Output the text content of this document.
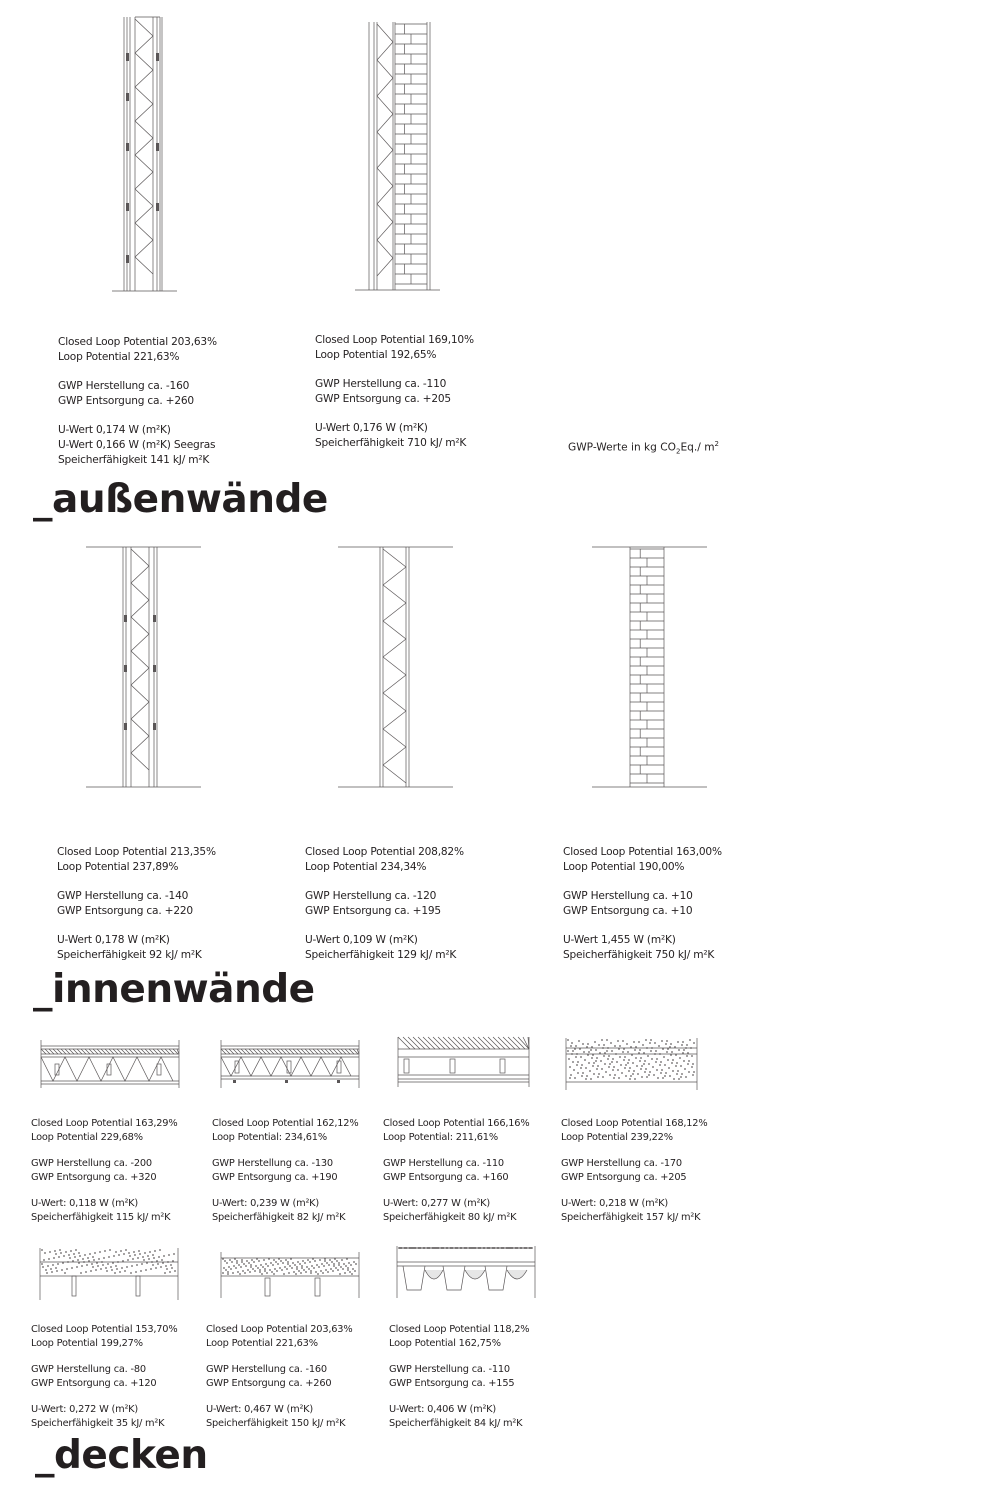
Closed Loop Potential 203,63%

Loop Potential 221,63%

GWP Herstellung ca. -160

GWP Entsorgung ca. +260

U-Wert 0,174 W (m²K)

U-Wert 0,166 W (m²K) Seegras

Speicherfähigkeit 141 kJ/ m²K

Closed Loop Potential 169,10%

Loop Potential 192,65%

GWP Herstellung ca. -110

GWP Entsorgung ca. +205

U-Wert 0,176 W (m²K)

Speicherfähigkeit 710 kJ/ m²K	GWP-Werte in kg $CO_2Eq./$ $m^2$
_außenwände

Closed Loop Potential 213,35%

Loop Potential 237,89%

GWP Herstellung ca. -140

GWP Entsorgung ca. +220

U-Wert 0,178 W (m²K)

Speicherfähigkeit 92 kJ/ m²K

Closed Loop Potential 208,82%

Loop Potential 234,34%

GWP Herstellung ca. -120

GWP Entsorgung ca. +195

U-Wert 0,109 W (m²K)

Speicherfähigkeit 129 kJ/ m²K

Closed Loop Potential 163,00%

Loop Potential 190,00%

GWP Herstellung ca. +10

GWP Entsorgung ca. +10

U-Wert 1,455 W (m²K)

Speicherfähigkeit 750 kJ/ m²K

_innenwände

Closed Loop Potential 163,29%

Loop Potential 229,68%

GWP Herstellung ca. -200

GWP Entsorgung ca. +320

U-Wert: 0,118 W (m²K)

Speicherfähigkeit 115 kJ/ m²K

Closed Loop Potential 162,12%

Loop Potential: 234,61%

GWP Herstellung ca. -130

GWP Entsorgung ca. +190

U-Wert: 0,239 W (m²K)

Speicherfähigkeit 82 kJ/ m²K

Closed Loop Potential 166,16%

Loop Potential: 211,61%

GWP Herstellung ca. -110

GWP Entsorgung ca. +160

U-Wert: 0,277 W (m²K)

Speicherfähigkeit 80 kJ/ m²K

Closed Loop Potential 168,12%

Loop Potential 239,22%

GWP Herstellung ca. -170

GWP Entsorgung ca. +205

U-Wert: 0,218 W (m²K)

Speicherfähigkeit 157 kJ/ m²K

Closed Loop Potential 153,70%

Loop Potential 199,27%

GWP Herstellung ca. -80

GWP Entsorgung ca. +120

U-Wert: 0,272 W (m²K)

Speicherfähigkeit 35 kJ/ m²K

Closed Loop Potential 203,63%

Loop Potential 221,63%

GWP Herstellung ca. -160

GWP Entsorgung ca. +260

U-Wert: 0,467 W (m²K)

Speicherfähigkeit 150 kJ/ m²K

Closed Loop Potential 118,2%

Loop Potential 162,75%

GWP Herstellung ca. -110

GWP Entsorgung ca. +155

U-Wert: 0,406 W (m²K)

Speicherfähigkeit 84 kJ/ m²K

_decken
